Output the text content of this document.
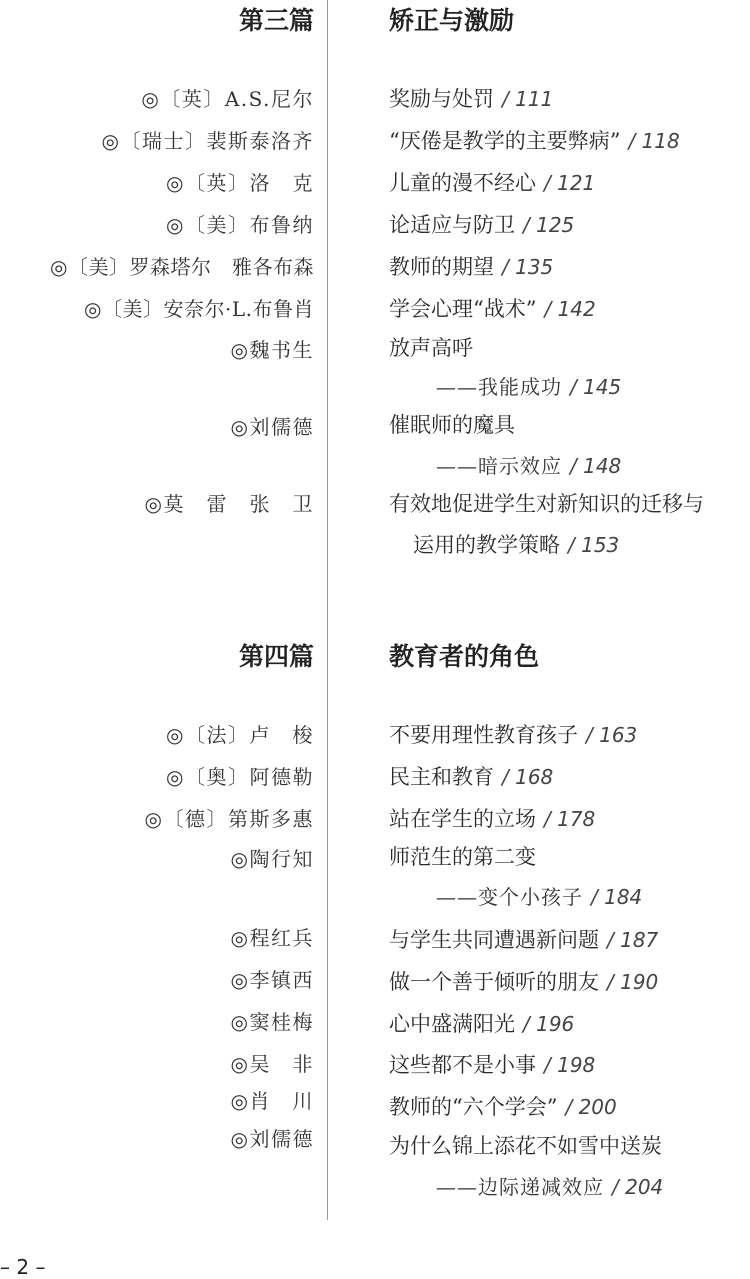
第三篇	矫正与激励
◎〔英〕A.S.尼尔	奖励与处罚 / 111
◎〔瑞士〕裴斯泰洛齐	“厌倦是教学的主要弊病” / 118
◎〔英〕洛　克	儿童的漫不经心 / 121
◎〔美〕布鲁纳	论适应与防卫 / 125
◎〔美〕罗森塔尔　雅各布森	教师的期望 / 135
◎〔美〕安奈尔·L.布鲁肖	学会心理“战术” / 142
◎魏书生	放声高呼
——我能成功 / 145
◎刘儒德	催眠师的魔具
——暗示效应 / 148
◎莫　雷　张　卫	有效地促进学生对新知识的迁移与
运用的教学策略 / 153
第四篇	教育者的角色
◎〔法〕卢　梭	不要用理性教育孩子 / 163
◎〔奥〕阿德勒	民主和教育 / 168
◎〔德〕第斯多惠	站在学生的立场 / 178
◎陶行知	师范生的第二变
——变个小孩子 / 184
◎程红兵	与学生共同遭遇新问题 / 187
◎李镇西	做一个善于倾听的朋友 / 190
◎窦桂梅	心中盛满阳光 / 196
◎吴　非	这些都不是小事 / 198
◎肖　川	教师的“六个学会” / 200
◎刘儒德	为什么锦上添花不如雪中送炭
——边际递减效应 / 204
– 2 –
